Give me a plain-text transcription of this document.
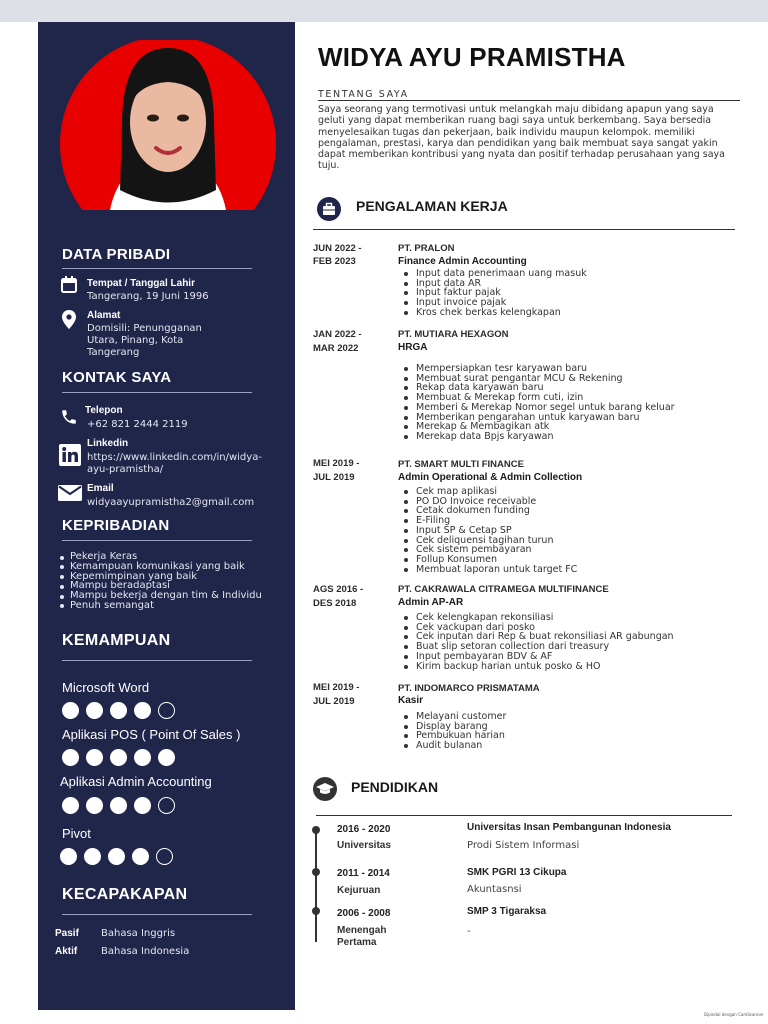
DATA PRIBADI
Tempat / Tanggal Lahir
Tangerang, 19 Juni 1996
Alamat
Domisili: Penungganan
Utara, Pinang, Kota
Tangerang
KONTAK SAYA
Telepon
+62 821 2444 2119
Linkedin
https://www.linkedin.com/in/widya-
ayu-pramistha/
Email
widyaayupramistha2@gmail.com
KEPRIBADIAN
Pekerja Keras
Kemampuan komunikasi yang baik
Kepemimpinan yang baik
Mampu beradaptasi
Mampu bekerja dengan tim & Individu
Penuh semangat
KEMAMPUAN
Microsoft Word
Aplikasi POS ( Point Of Sales )
Aplikasi Admin Accounting
Pivot
KECAPAKAPAN
Pasif Bahasa Inggris
Aktif Bahasa Indonesia
WIDYA AYU PRAMISTHA
TENTANG SAYA
Saya seorang yang termotivasi untuk melangkah maju dibidang apapun yang saya geluti yang dapat memberikan ruang bagi saya untuk berkembang. Saya bersedia menyelesaikan tugas dan pekerjaan, baik individu maupun kelompok. memiliki pengalaman, prestasi, karya dan pendidikan yang baik membuat saya sangat yakin dapat memberikan kontribusi yang nyata dan positif terhadap perusahaan yang saya tuju.
PENGALAMAN KERJA
JUN 2022 -
FEB 2023
PT. PRALON
Finance Admin Accounting
Input data penerimaan uang masuk
Input data AR
Input faktur pajak
Input invoice pajak
Kros chek berkas kelengkapan
JAN 2022 -
MAR 2022
PT. MUTIARA HEXAGON
HRGA
Mempersiapkan tesr karyawan baru
Membuat surat pengantar MCU & Rekening
Rekap data karyawan baru
Membuat & Merekap form cuti, izin
Memberi & Merekap Nomor segel untuk barang keluar
Memberikan pengarahan untuk karyawan baru
Merekap & Membagikan atk
Merekap data Bpjs karyawan
MEI 2019 -
JUL 2019
PT. SMART MULTI FINANCE
Admin Operational & Admin Collection
Cek map aplikasi
PO DO Invoice receivable
Cetak dokumen funding
E-Filing
Input SP & Cetap SP
Cek deliquensi tagihan turun
Cek sistem pembayaran
Follup Konsumen
Membuat laporan untuk target FC
AGS 2016 -
DES 2018
PT. CAKRAWALA CITRAMEGA MULTIFINANCE
Admin AP-AR
Cek kelengkapan rekonsiliasi
Cek vackupan dari posko
Cek inputan dari Rep & buat rekonsiliasi AR gabungan
Buat slip setoran collection dari treasury
Input pembayaran BDV & AF
Kirim backup harian untuk posko & HO
MEI 2019 -
JUL 2019
PT. INDOMARCO PRISMATAMA
Kasir
Melayani customer
Display barang
Pembukuan harian
Audit bulanan
PENDIDIKAN
2016 - 2020
Universitas
Universitas Insan Pembangunan Indonesia
Prodi Sistem Informasi
2011 - 2014
Kejuruan
SMK PGRI 13 Cikupa
Akuntasnsi
2006 - 2008
Menengah
Pertama
SMP 3 Tigaraksa
-
Dipindai dengan CamScanner
